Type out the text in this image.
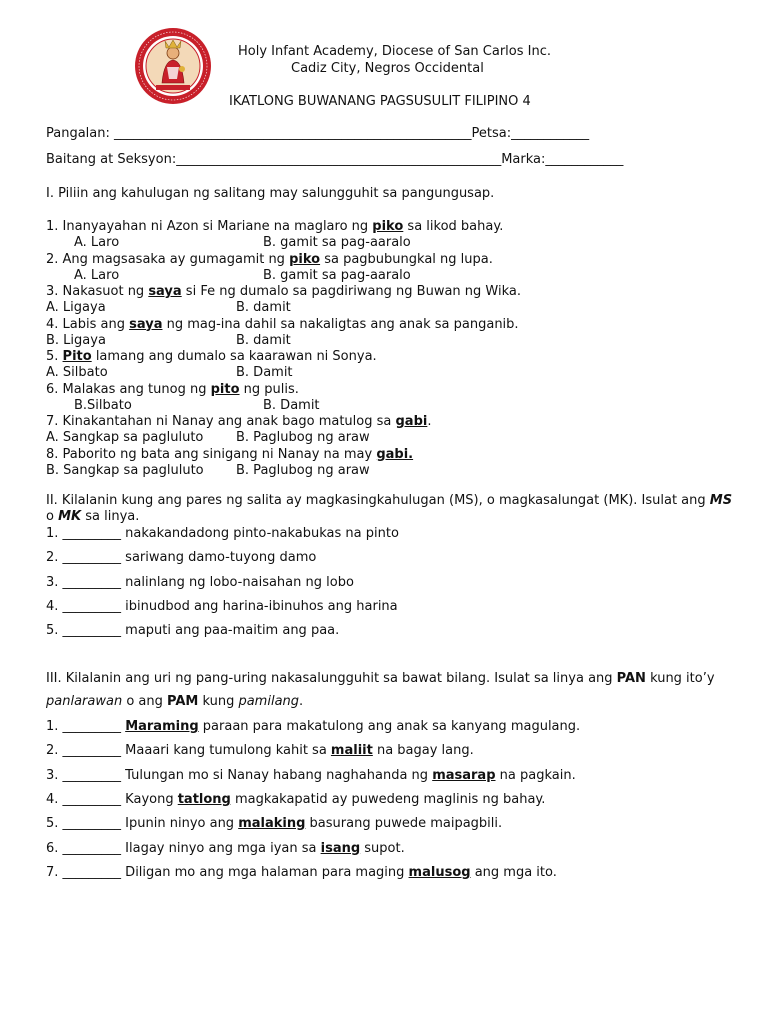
Holy Infant Academy, Diocese of San Carlos Inc.
Cadiz City, Negros Occidental
IKATLONG BUWANANG PAGSUSULIT FILIPINO 4
Pangalan: _______________________________________________________Petsa:____________
Baitang at Seksyon:__________________________________________________Marka:____________
I. Piliin ang kahulugan ng salitang may salungguhit sa pangungusap.
1. Inanyayahan ni Azon si Mariane na maglaro ng piko sa likod bahay.
A. Laro	B. gamit sa pag-aaralo
2. Ang magsasaka ay gumagamit ng piko sa pagbubungkal ng lupa.
A. Laro	B. gamit sa pag-aaralo
3. Nakasuot ng saya si Fe ng dumalo sa pagdiriwang ng Buwan ng Wika.
A. Ligaya	B. damit
4. Labis ang saya ng mag-ina dahil sa nakaligtas ang anak sa panganib.
B. Ligaya	B. damit
5. Pito lamang ang dumalo sa kaarawan ni Sonya.
A. Silbato	B. Damit
6. Malakas ang tunog ng pito ng pulis.
B.Silbato	B. Damit
7. Kinakantahan ni Nanay ang anak bago matulog sa gabi.
A. Sangkap sa pagluluto	B. Paglubog ng araw
8. Paborito ng bata ang sinigang ni Nanay na may gabi.
B. Sangkap sa pagluluto B. Paglubog ng araw
II. Kilalanin kung ang pares ng salita ay magkasingkahulugan (MS), o magkasalungat (MK). Isulat ang MS
o MK sa linya.
1. _________ nakakandadong pinto-nakabukas na pinto
2. _________ sariwang damo-tuyong damo
3. _________ nalinlang ng lobo-naisahan ng lobo
4. _________ ibinudbod ang harina-ibinuhos ang harina
5. _________ maputi ang paa-maitim ang paa.
III. Kilalanin ang uri ng pang-uring nakasalungguhit sa bawat bilang. Isulat sa linya ang PAN kung ito’y
panlarawan o ang PAM kung pamilang.
1. _________ Maraming paraan para makatulong ang anak sa kanyang magulang.
2. _________ Maaari kang tumulong kahit sa maliit na bagay lang.
3. _________ Tulungan mo si Nanay habang naghahanda ng masarap na pagkain.
4. _________ Kayong tatlong magkakapatid ay puwedeng maglinis ng bahay.
5. _________ Ipunin ninyo ang malaking basurang puwede maipagbili.
6. _________ Ilagay ninyo ang mga iyan sa isang supot.
7. _________ Diligan mo ang mga halaman para maging malusog ang mga ito.
